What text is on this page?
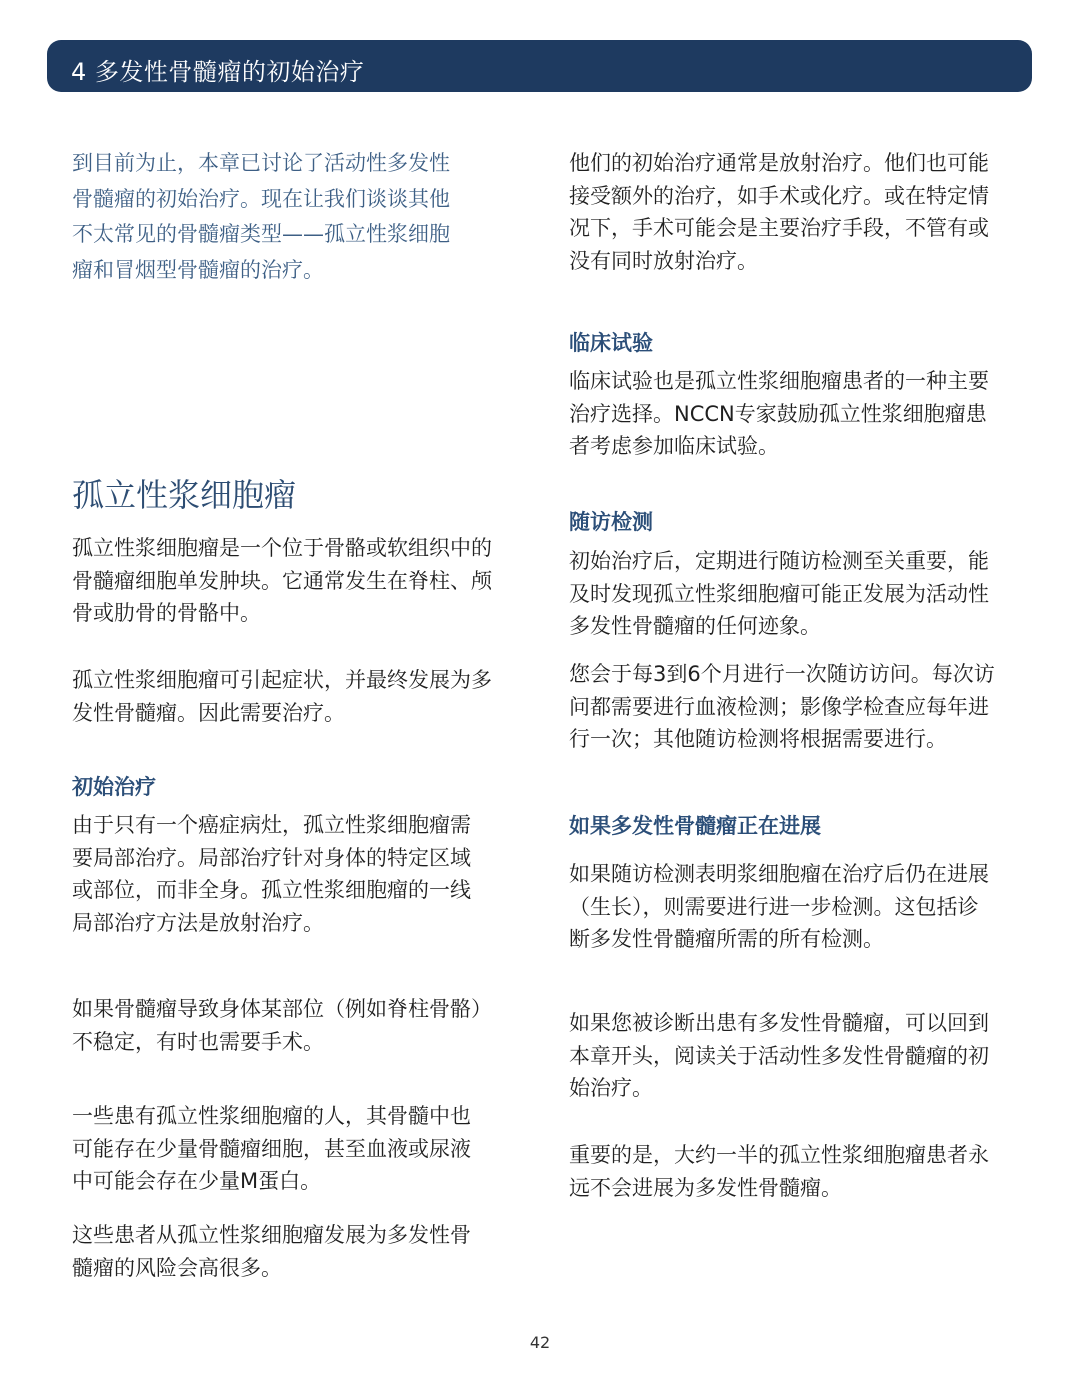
4 多发性骨髓瘤的初始治疗
到目前为止，本章已讨论了活动性多发性
骨髓瘤的初始治疗。现在让我们谈谈其他
不太常见的骨髓瘤类型——孤立性浆细胞
瘤和冒烟型骨髓瘤的治疗。
孤立性浆细胞瘤
孤立性浆细胞瘤是一个位于骨骼或软组织中的
骨髓瘤细胞单发肿块。它通常发生在脊柱、颅
骨或肋骨的骨骼中。
孤立性浆细胞瘤可引起症状，并最终发展为多
发性骨髓瘤。因此需要治疗。
初始治疗
由于只有一个癌症病灶，孤立性浆细胞瘤需
要局部治疗。局部治疗针对身体的特定区域
或部位，而非全身。孤立性浆细胞瘤的一线
局部治疗方法是放射治疗。
如果骨髓瘤导致身体某部位（例如脊柱骨骼）
不稳定，有时也需要手术。
一些患有孤立性浆细胞瘤的人，其骨髓中也
可能存在少量骨髓瘤细胞，甚至血液或尿液
中可能会存在少量M蛋白。
这些患者从孤立性浆细胞瘤发展为多发性骨
髓瘤的风险会高很多。
他们的初始治疗通常是放射治疗。他们也可能
接受额外的治疗，如手术或化疗。或在特定情
况下，手术可能会是主要治疗手段，不管有或
没有同时放射治疗。
临床试验
临床试验也是孤立性浆细胞瘤患者的一种主要
治疗选择。NCCN专家鼓励孤立性浆细胞瘤患
者考虑参加临床试验。
随访检测
初始治疗后，定期进行随访检测至关重要，能
及时发现孤立性浆细胞瘤可能正发展为活动性
多发性骨髓瘤的任何迹象。
您会于每3到6个月进行一次随访访问。每次访
问都需要进行血液检测；影像学检查应每年进
行一次；其他随访检测将根据需要进行。
如果多发性骨髓瘤正在进展
如果随访检测表明浆细胞瘤在治疗后仍在进展
（生长），则需要进行进一步检测。这包括诊
断多发性骨髓瘤所需的所有检测。
如果您被诊断出患有多发性骨髓瘤，可以回到
本章开头，阅读关于活动性多发性骨髓瘤的初
始治疗。
重要的是，大约一半的孤立性浆细胞瘤患者永
远不会进展为多发性骨髓瘤。
42
